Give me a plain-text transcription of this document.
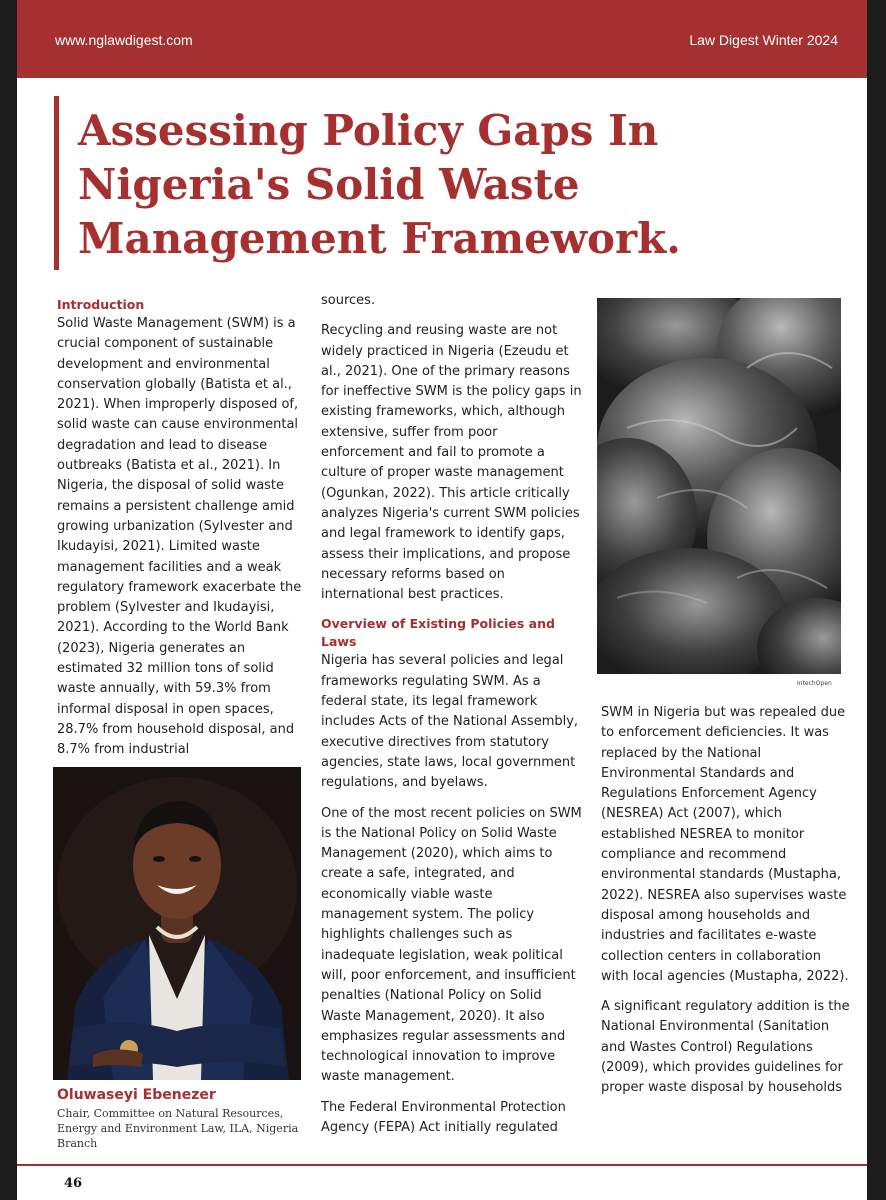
www.nglawdigest.com	Law Digest Winter 2024
Assessing Policy Gaps In Nigeria's Solid Waste Management Framework.
Introduction

Solid Waste Management (SWM) is a crucial component of sustainable development and environmental conservation globally (Batista et al., 2021). When improperly disposed of, solid waste can cause environmental degradation and lead to disease outbreaks (Batista et al., 2021). In Nigeria, the disposal of solid waste remains a persistent challenge amid growing urbanization (Sylvester and Ikudayisi, 2021). Limited waste management facilities and a weak regulatory framework exacerbate the problem (Sylvester and Ikudayisi, 2021). According to the World Bank (2023), Nigeria generates an estimated 32 million tons of solid waste annually, with 59.3% from informal disposal in open spaces, 28.7% from household disposal, and 8.7% from industrial

Oluwaseyi Ebenezer

Chair, Committee on Natural Resources, Energy and Environment Law, ILA, Nigeria Branch

sources.

Recycling and reusing waste are not widely practiced in Nigeria (Ezeudu et al., 2021). One of the primary reasons for ineffective SWM is the policy gaps in existing frameworks, which, although extensive, suffer from poor enforcement and fail to promote a culture of proper waste management (Ogunkan, 2022). This article critically analyzes Nigeria's current SWM policies and legal framework to identify gaps, assess their implications, and propose necessary reforms based on international best practices.

Overview of Existing Policies and Laws

Nigeria has several policies and legal frameworks regulating SWM. As a federal state, its legal framework includes Acts of the National Assembly, executive directives from statutory agencies, state laws, local government regulations, and byelaws.

One of the most recent policies on SWM is the National Policy on Solid Waste Management (2020), which aims to create a safe, integrated, and economically viable waste management system. The policy highlights challenges such as inadequate legislation, weak political will, poor enforcement, and insufficient penalties (National Policy on Solid Waste Management, 2020). It also emphasizes regular assessments and technological innovation to improve waste management.

The Federal Environmental Protection Agency (FEPA) Act initially regulated

IntechOpen

SWM in Nigeria but was repealed due to enforcement deficiencies. It was replaced by the National Environmental Standards and Regulations Enforcement Agency (NESREA) Act (2007), which established NESREA to monitor compliance and recommend environmental standards (Mustapha, 2022). NESREA also supervises waste disposal among households and industries and facilitates e-waste collection centers in collaboration with local agencies (Mustapha, 2022).

A significant regulatory addition is the National Environmental (Sanitation and Wastes Control) Regulations (2009), which provides guidelines for proper waste disposal by households

46
